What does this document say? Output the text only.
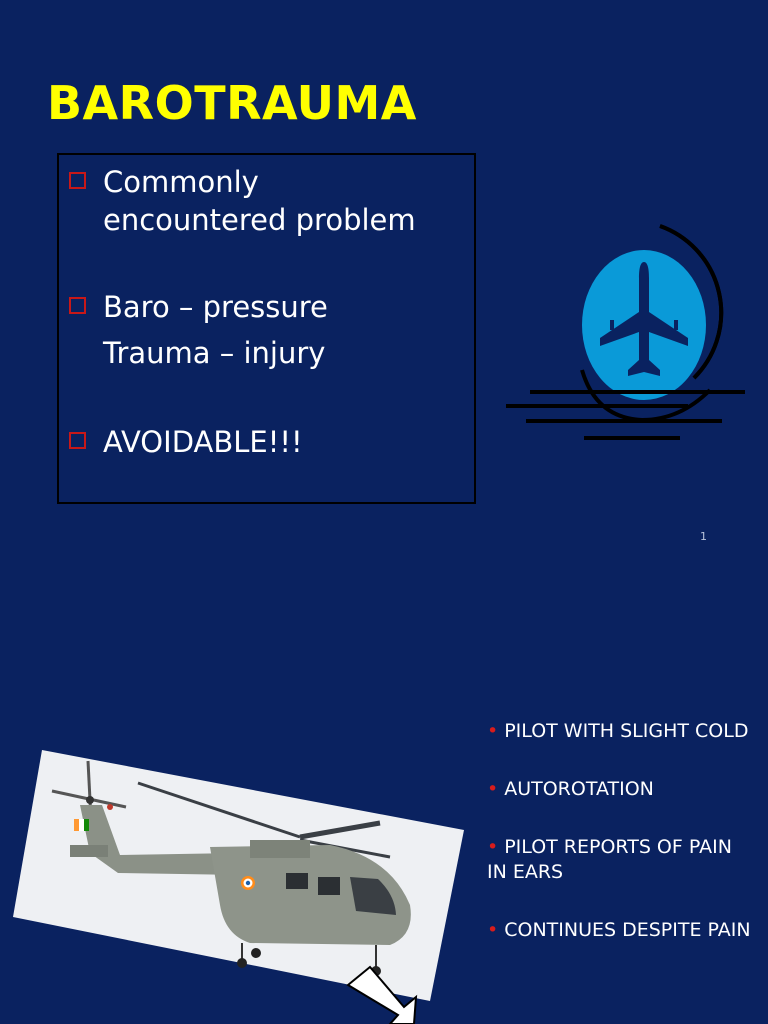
BAROTRAUMA
Commonly
encountered problem
Baro – pressure
Trauma – injury
AVOIDABLE!!!
1
• PILOT WITH SLIGHT COLD
• AUTOROTATION
• PILOT REPORTS OF PAIN IN EARS
• CONTINUES DESPITE PAIN
